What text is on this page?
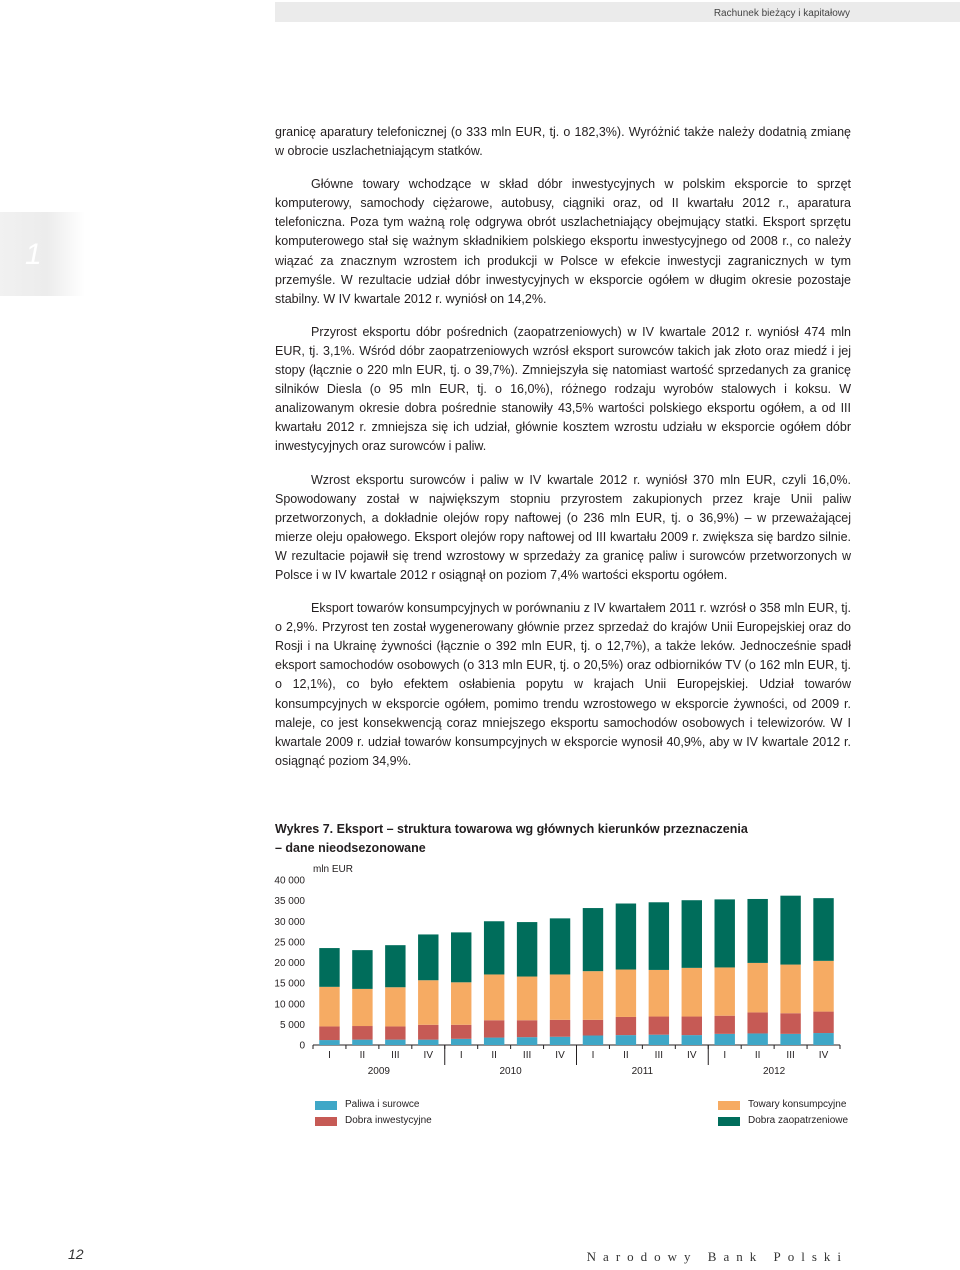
Rachunek bieżący i kapitałowy
1

granicę aparatury telefonicznej (o 333 mln EUR, tj. o 182,3%). Wyróżnić także należy dodatnią zmianę w obrocie uszlachetniającym statków.

Główne towary wchodzące w skład dóbr inwestycyjnych w polskim eksporcie to sprzęt komputerowy, samochody ciężarowe, autobusy, ciągniki oraz, od II kwartału 2012 r., aparatura telefoniczna. Poza tym ważną rolę odgrywa obrót uszlachetniający obejmujący statki. Eksport sprzętu komputerowego stał się ważnym składnikiem polskiego eksportu inwestycyjnego od 2008 r., co należy wiązać za znacznym wzrostem ich produkcji w Polsce w efekcie inwestycji zagranicznych w tym przemyśle. W rezultacie udział dóbr inwestycyjnych w eksporcie ogółem w długim okresie pozostaje stabilny. W IV kwartale 2012 r. wyniósł on 14,2%.

Przyrost eksportu dóbr pośrednich (zaopatrzeniowych) w IV kwartale 2012 r. wyniósł 474 mln EUR, tj. 3,1%. Wśród dóbr zaopatrzeniowych wzrósł eksport surowców takich jak złoto oraz miedź i jej stopy (łącznie o 220 mln EUR, tj. o 39,7%). Zmniejszyła się natomiast wartość sprzedanych za granicę silników Diesla (o 95 mln EUR, tj. o 16,0%), różnego rodzaju wyrobów stalowych i koksu. W analizowanym okresie dobra pośrednie stanowiły 43,5% wartości polskiego eksportu ogółem, a od III kwartału 2012 r. zmniejsza się ich udział, głównie kosztem wzrostu udziału w eksporcie ogółem dóbr inwestycyjnych oraz surowców i paliw.

Wzrost eksportu surowców i paliw w IV kwartale 2012 r. wyniósł 370 mln EUR, czyli 16,0%. Spowodowany został w największym stopniu przyrostem zakupionych przez kraje Unii paliw przetworzonych, a dokładnie olejów ropy naftowej (o 236 mln EUR, tj. o 36,9%) – w przeważającej mierze oleju opałowego. Eksport olejów ropy naftowej od III kwartału 2009 r. zwiększa się bardzo silnie. W rezultacie pojawił się trend wzrostowy w sprzedaży za granicę paliw i surowców przetworzonych w Polsce i w IV kwartale 2012 r osiągnął on poziom 7,4% wartości eksportu ogółem.

Eksport towarów konsumpcyjnych w porównaniu z IV kwartałem 2011 r. wzrósł o 358 mln EUR, tj. o 2,9%. Przyrost ten został wygenerowany głównie przez sprzedaż do krajów Unii Europejskiej oraz do Rosji i na Ukrainę żywności (łącznie o 392 mln EUR, tj. o 12,7%), a także leków. Jednocześnie spadł eksport samochodów osobowych (o 313 mln EUR, tj. o 20,5%) oraz odbiorników TV (o 162 mln EUR, tj. o 12,1%), co było efektem osłabienia popytu w krajach Unii Europejskiej. Udział towarów konsumpcyjnych w eksporcie ogółem, pomimo trendu wzrostowego w eksporcie żywności, od 2009 r. maleje, co jest konsekwencją coraz mniejszego eksportu samochodów osobowych i telewizorów. W I kwartale 2009 r. udział towarów konsumpcyjnych w eksporcie wynosił 40,9%, aby w IV kwartale 2012 r. osiągnąć poziom 34,9%.

Wykres 7. Eksport – struktura towarowa wg głównych kierunków przeznaczenia
– dane nieodsezonowane
mln EUR
0
5 000
10 000
15 000
20 000
25 000
30 000
35 000
40 000
I	II	III IV	I	II	III IV	I	II	III IV	I	II	III IV
2009	2010	2011	2012
Paliwa i surowce
Dobra inwestycyjne
Towary konsumpcyjne
Dobra zaopatrzeniowe
12	Narodowy Bank Polski
